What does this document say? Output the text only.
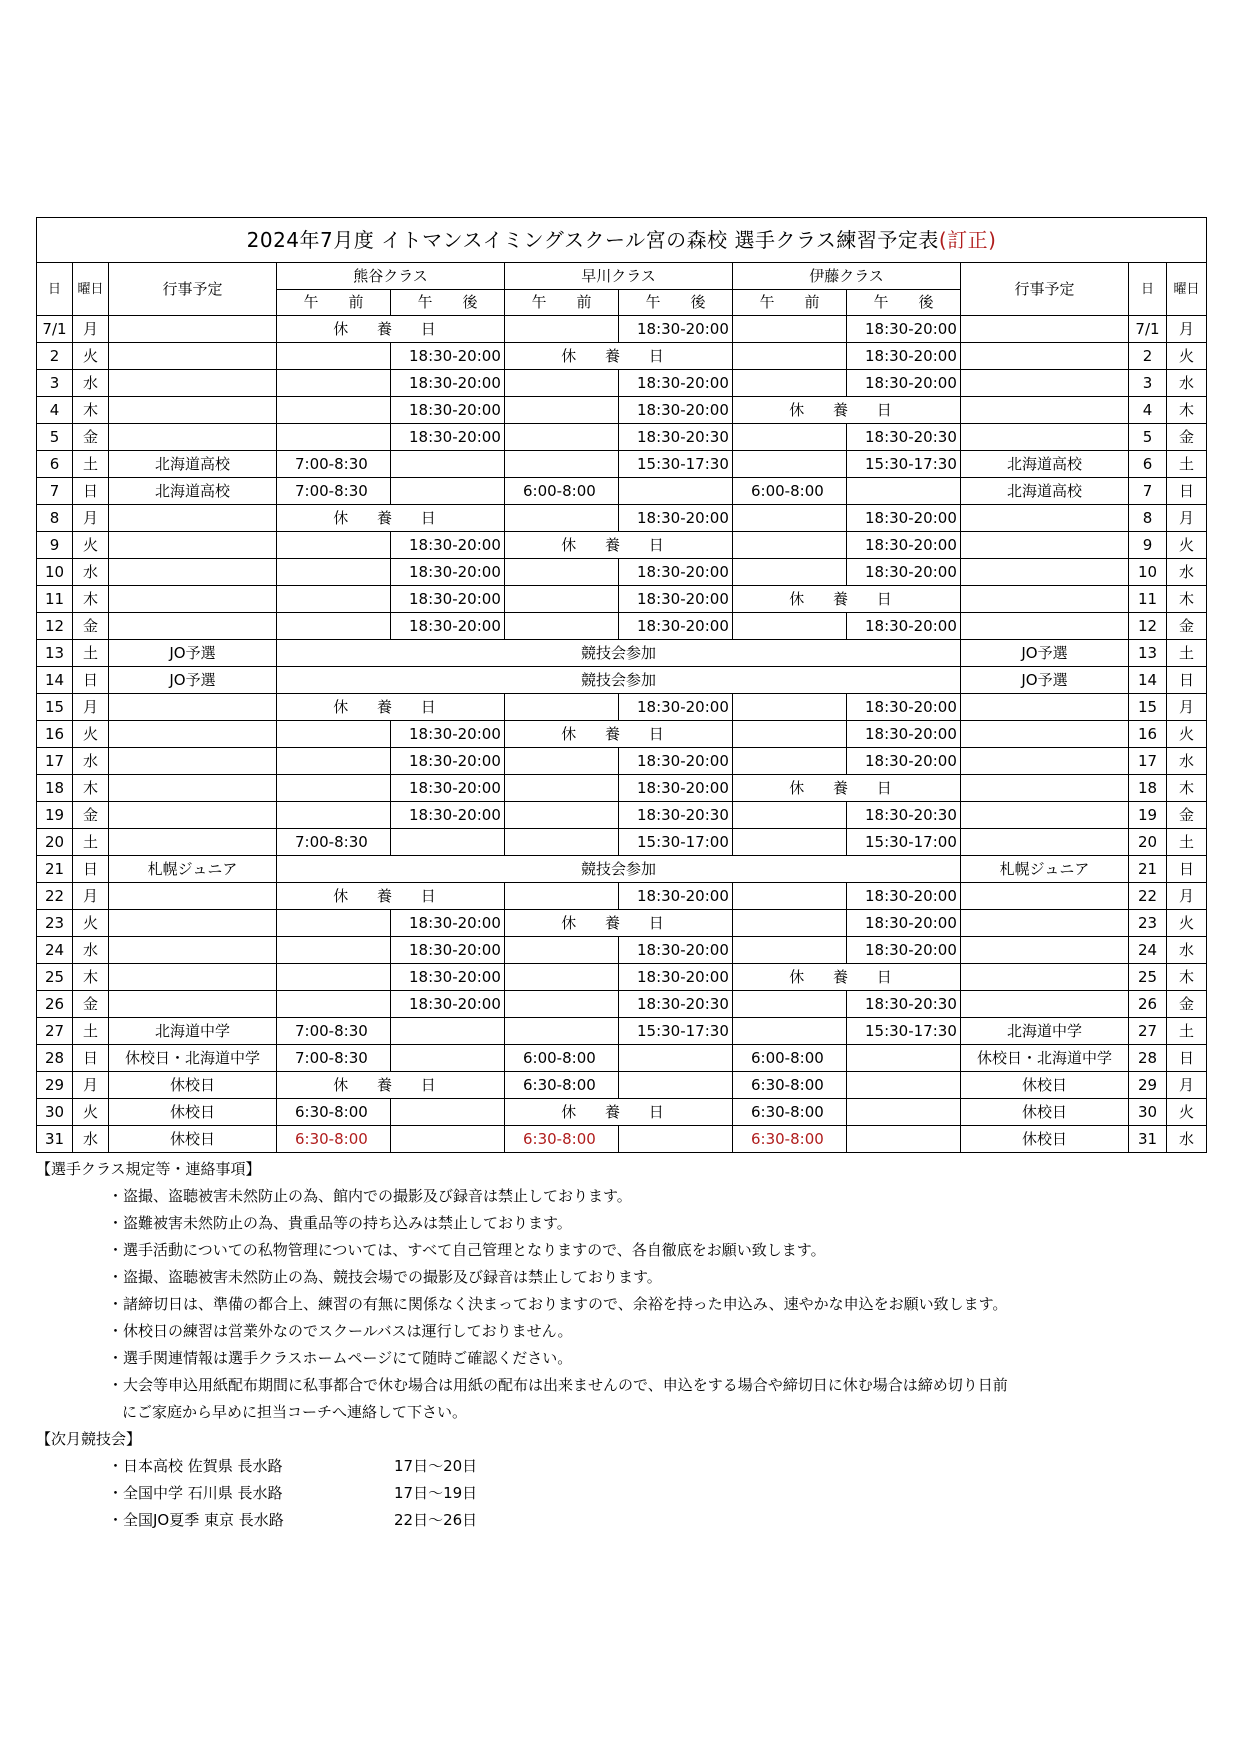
2024年7月度 イトマンスイミングスクール宮の森校 選手クラス練習予定表(訂正)											
日	曜日	行事予定	熊谷クラス		早川クラス		伊藤クラス		行事予定	日	曜日
			午　　前	午　　後	午　　前	午　　後	午　　前	午　　後			
7/1	月		休 養 日			18:30-20:00		18:30-20:00		7/1	月
2	火			18:30-20:00	休 養 日			18:30-20:00		2	火
3	水			18:30-20:00		18:30-20:00		18:30-20:00		3	水
4	木			18:30-20:00		18:30-20:00	休 養 日			4	木
5	金			18:30-20:00		18:30-20:30		18:30-20:30		5	金
6	土	北海道高校	7:00-8:30			15:30-17:30		15:30-17:30	北海道高校	6	土
7	日	北海道高校	7:00-8:30		6:00-8:00		6:00-8:00		北海道高校	7	日
8	月		休 養 日			18:30-20:00		18:30-20:00		8	月
9	火			18:30-20:00	休 養 日			18:30-20:00		9	火
10	水			18:30-20:00		18:30-20:00		18:30-20:00		10	水
11	木			18:30-20:00		18:30-20:00	休 養 日			11	木
12	金			18:30-20:00		18:30-20:00		18:30-20:00		12	金
13	土	JO予選	競技会参加						JO予選	13	土
14	日	JO予選	競技会参加						JO予選	14	日
15	月		休 養 日			18:30-20:00		18:30-20:00		15	月
16	火			18:30-20:00	休 養 日			18:30-20:00		16	火
17	水			18:30-20:00		18:30-20:00		18:30-20:00		17	水
18	木			18:30-20:00		18:30-20:00	休 養 日			18	木
19	金			18:30-20:00		18:30-20:30		18:30-20:30		19	金
20	土		7:00-8:30			15:30-17:00		15:30-17:00		20	土
21	日	札幌ジュニア	競技会参加						札幌ジュニア	21	日
22	月		休 養 日			18:30-20:00		18:30-20:00		22	月
23	火			18:30-20:00	休 養 日			18:30-20:00		23	火
24	水			18:30-20:00		18:30-20:00		18:30-20:00		24	水
25	木			18:30-20:00		18:30-20:00	休 養 日			25	木
26	金			18:30-20:00		18:30-20:30		18:30-20:30		26	金
27	土	北海道中学	7:00-8:30			15:30-17:30		15:30-17:30	北海道中学	27	土
28	日	休校日・北海道中学	7:00-8:30		6:00-8:00		6:00-8:00		休校日・北海道中学	28	日
29	月	休校日	休 養 日		6:30-8:00		6:30-8:00		休校日	29	月
30	火	休校日	6:30-8:00		休 養 日		6:30-8:00		休校日	30	火
31	水	休校日	6:30-8:00		6:30-8:00		6:30-8:00		休校日	31	水
【選手クラス規定等・連絡事項】
・盗撮、盗聴被害未然防止の為、館内での撮影及び録音は禁止しております。
・盗難被害未然防止の為、貴重品等の持ち込みは禁止しております。
・選手活動についての私物管理については、すべて自己管理となりますので、各自徹底をお願い致します。
・盗撮、盗聴被害未然防止の為、競技会場での撮影及び録音は禁止しております。
・諸締切日は、準備の都合上、練習の有無に関係なく決まっておりますので、余裕を持った申込み、速やかな申込をお願い致します。
・休校日の練習は営業外なのでスクールバスは運行しておりません。
・選手関連情報は選手クラスホームページにて随時ご確認ください。
・大会等申込用紙配布期間に私事都合で休む場合は用紙の配布は出来ませんので、申込をする場合や締切日に休む場合は締め切り日前
にご家庭から早めに担当コーチへ連絡して下さい。
【次月競技会】
・日本高校 佐賀県 長水路	17日～20日
・全国中学 石川県 長水路	17日～19日
・全国JO夏季 東京 長水路	22日～26日
